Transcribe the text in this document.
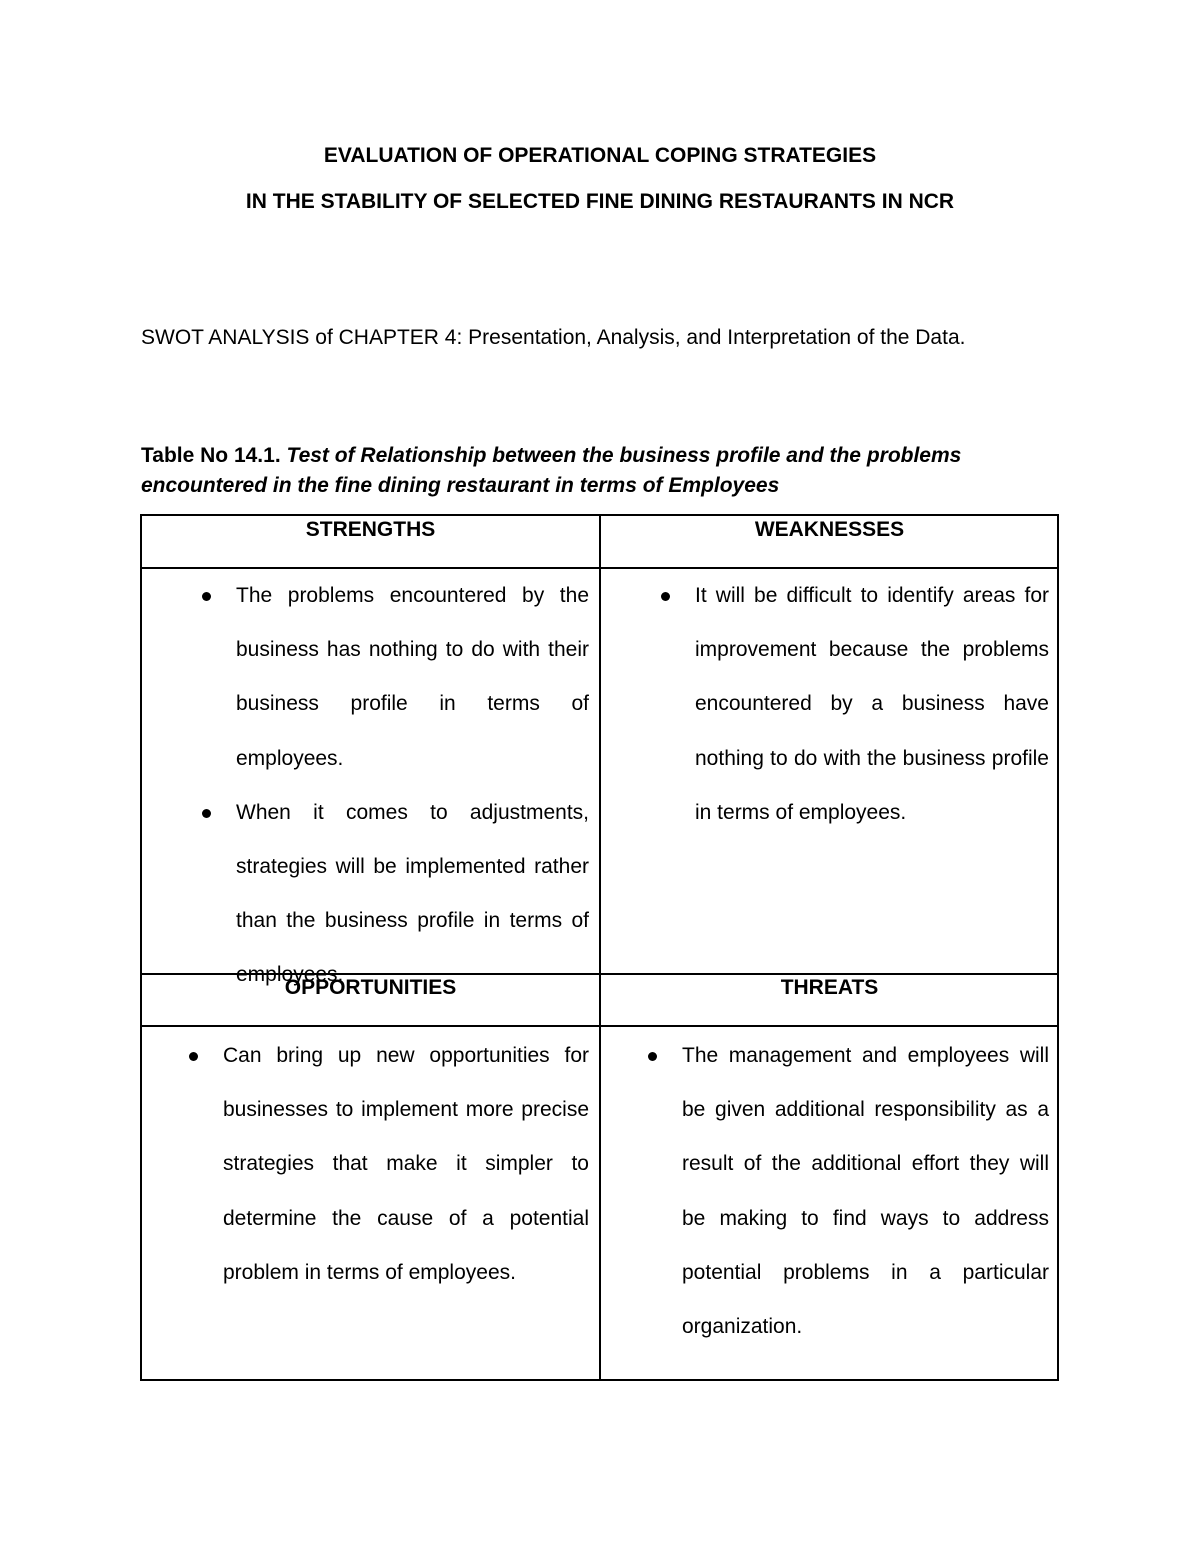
EVALUATION OF OPERATIONAL COPING STRATEGIES
IN THE STABILITY OF SELECTED FINE DINING RESTAURANTS IN NCR
SWOT ANALYSIS of CHAPTER 4: Presentation, Analysis, and Interpretation of the Data.
Table No 14.1. Test of Relationship between the business profile and the problems encountered in the fine dining restaurant in terms of Employees
STRENGTHS	WEAKNESSES
OPPORTUNITIES	THREATS
The problems encountered by the business has nothing to do with their business profile in terms of employees.
When it comes to adjustments, strategies will be implemented rather than the business profile in terms of employees.
It will be difficult to identify areas for improvement because the problems encountered by a business have nothing to do with the business profile in terms of employees.
Can bring up new opportunities for businesses to implement more precise strategies that make it simpler to determine the cause of a potential problem in terms of employees.
The management and employees will be given additional responsibility as a result of the additional effort they will be making to find ways to address potential problems in a particular organization.
